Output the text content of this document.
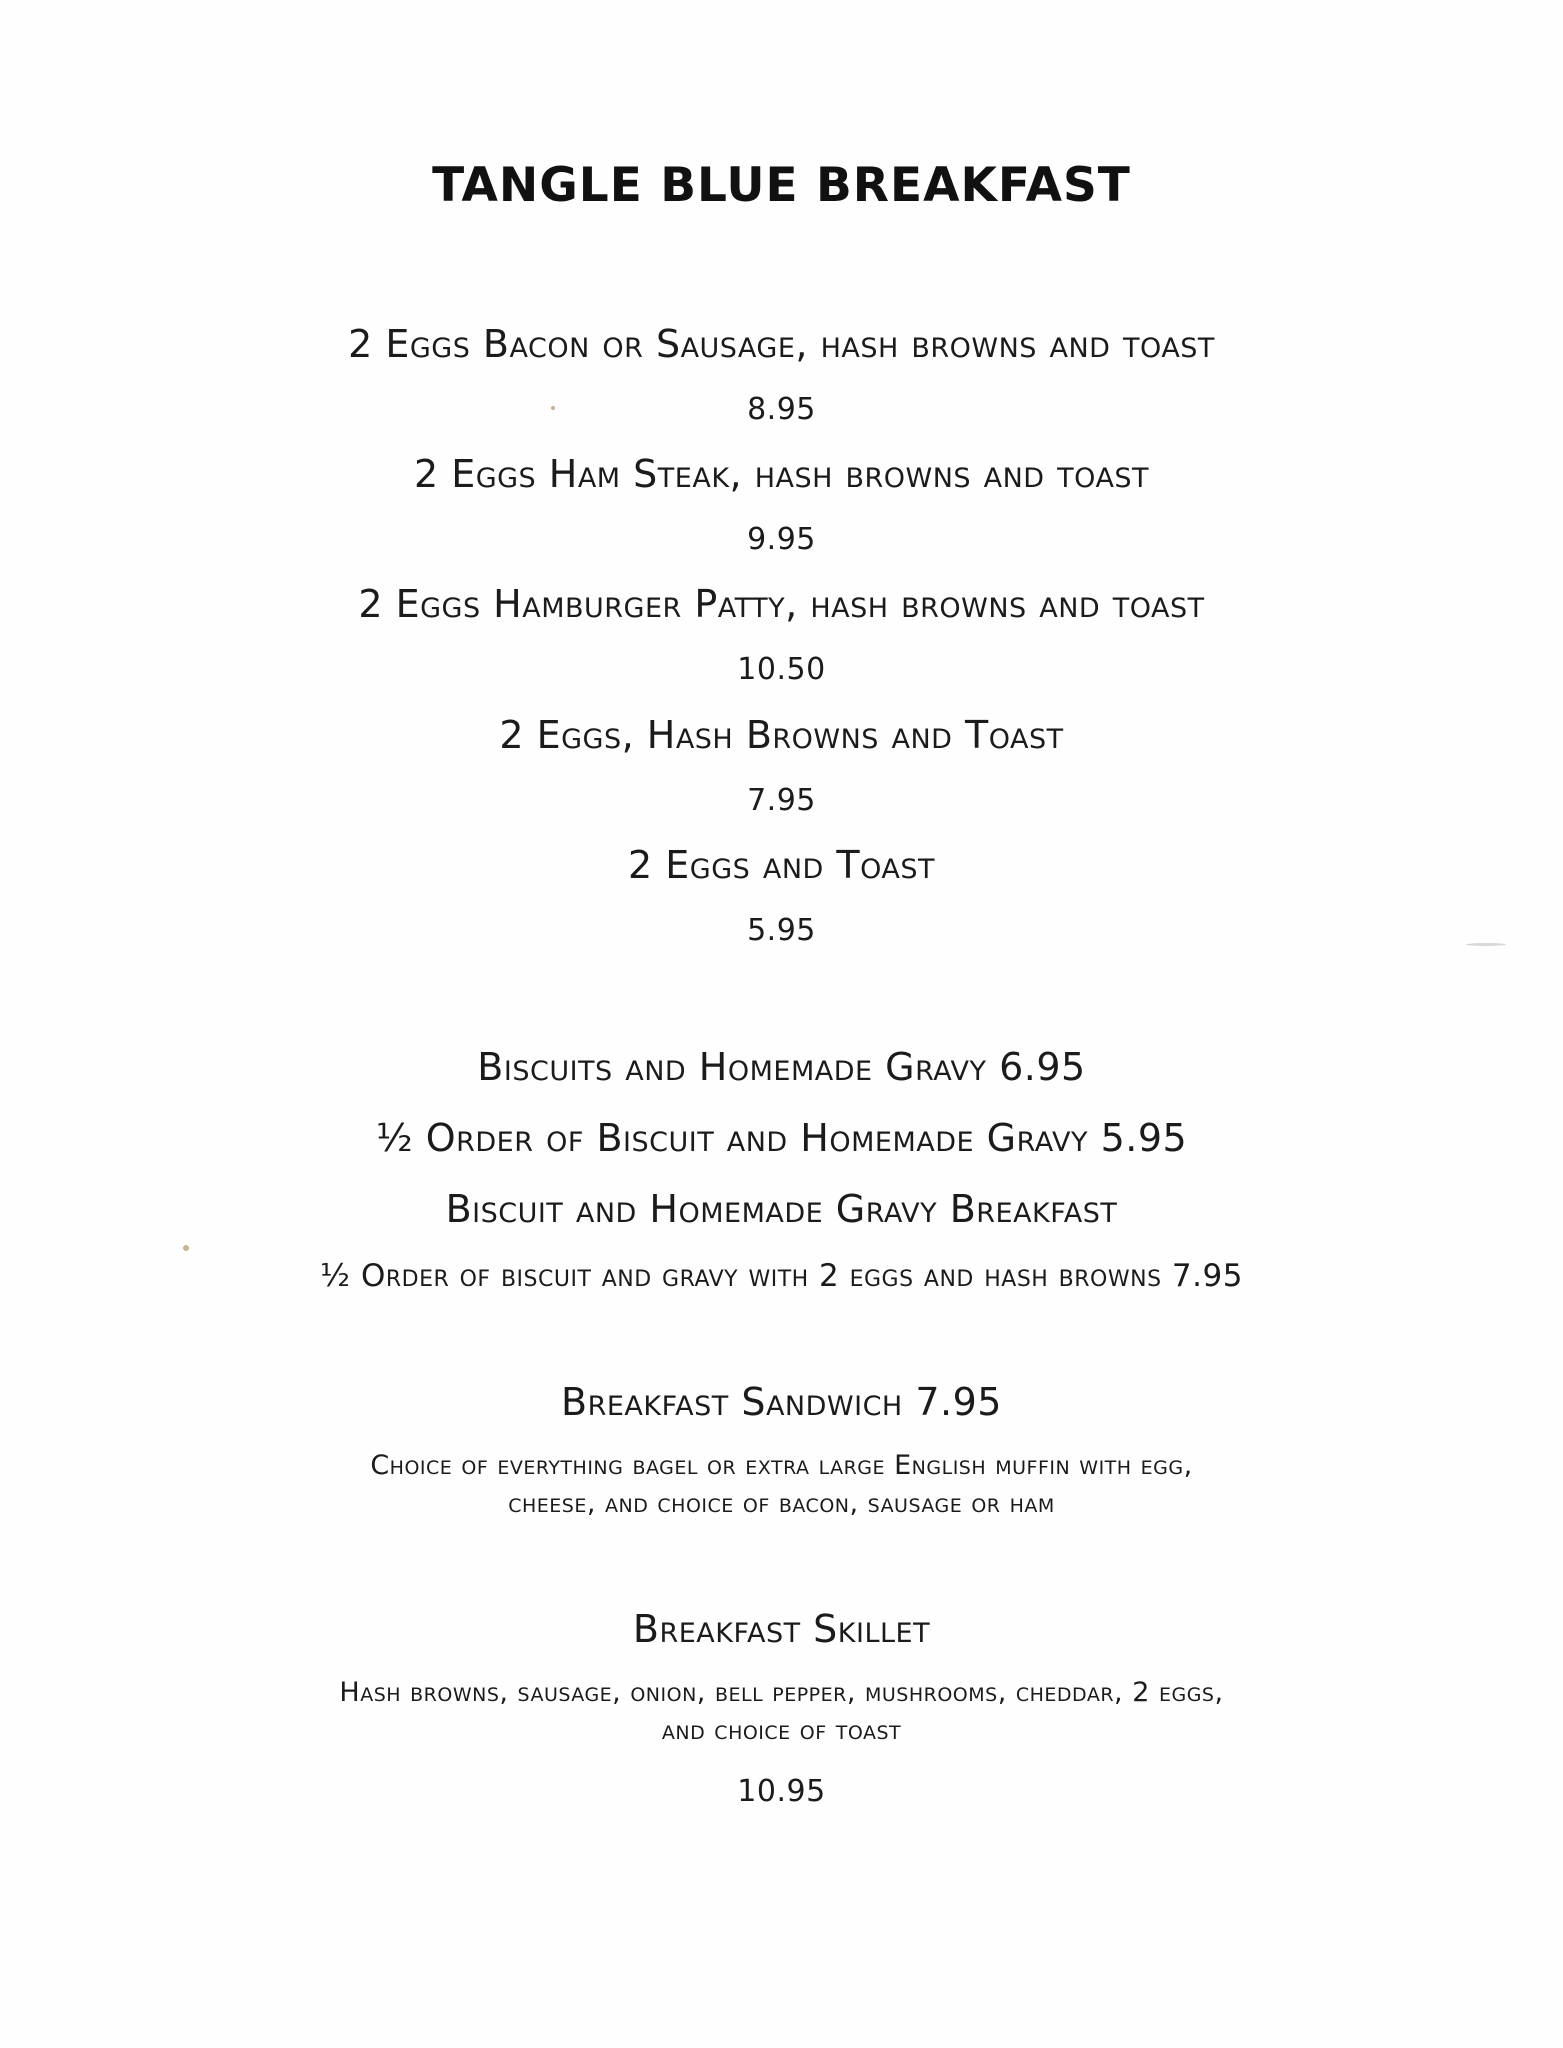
TANGLE BLUE BREAKFAST

2 Eggs Bacon or Sausage, hash browns and toast

8.95

2 Eggs Ham Steak, hash browns and toast

9.95

2 Eggs Hamburger Patty, hash browns and toast

10.50

2 Eggs, Hash Browns and Toast

7.95

2 Eggs and Toast

5.95

Biscuits and Homemade Gravy 6.95

½ Order of Biscuit and Homemade Gravy 5.95

Biscuit and Homemade Gravy Breakfast

½ Order of biscuit and gravy with 2 eggs and hash browns 7.95

Breakfast Sandwich 7.95

Choice of everything bagel or extra large English muffin with egg,

cheese, and choice of bacon, sausage or ham

Breakfast Skillet

Hash browns, sausage, onion, bell pepper, mushrooms, cheddar, 2 eggs,

and choice of toast

10.95
